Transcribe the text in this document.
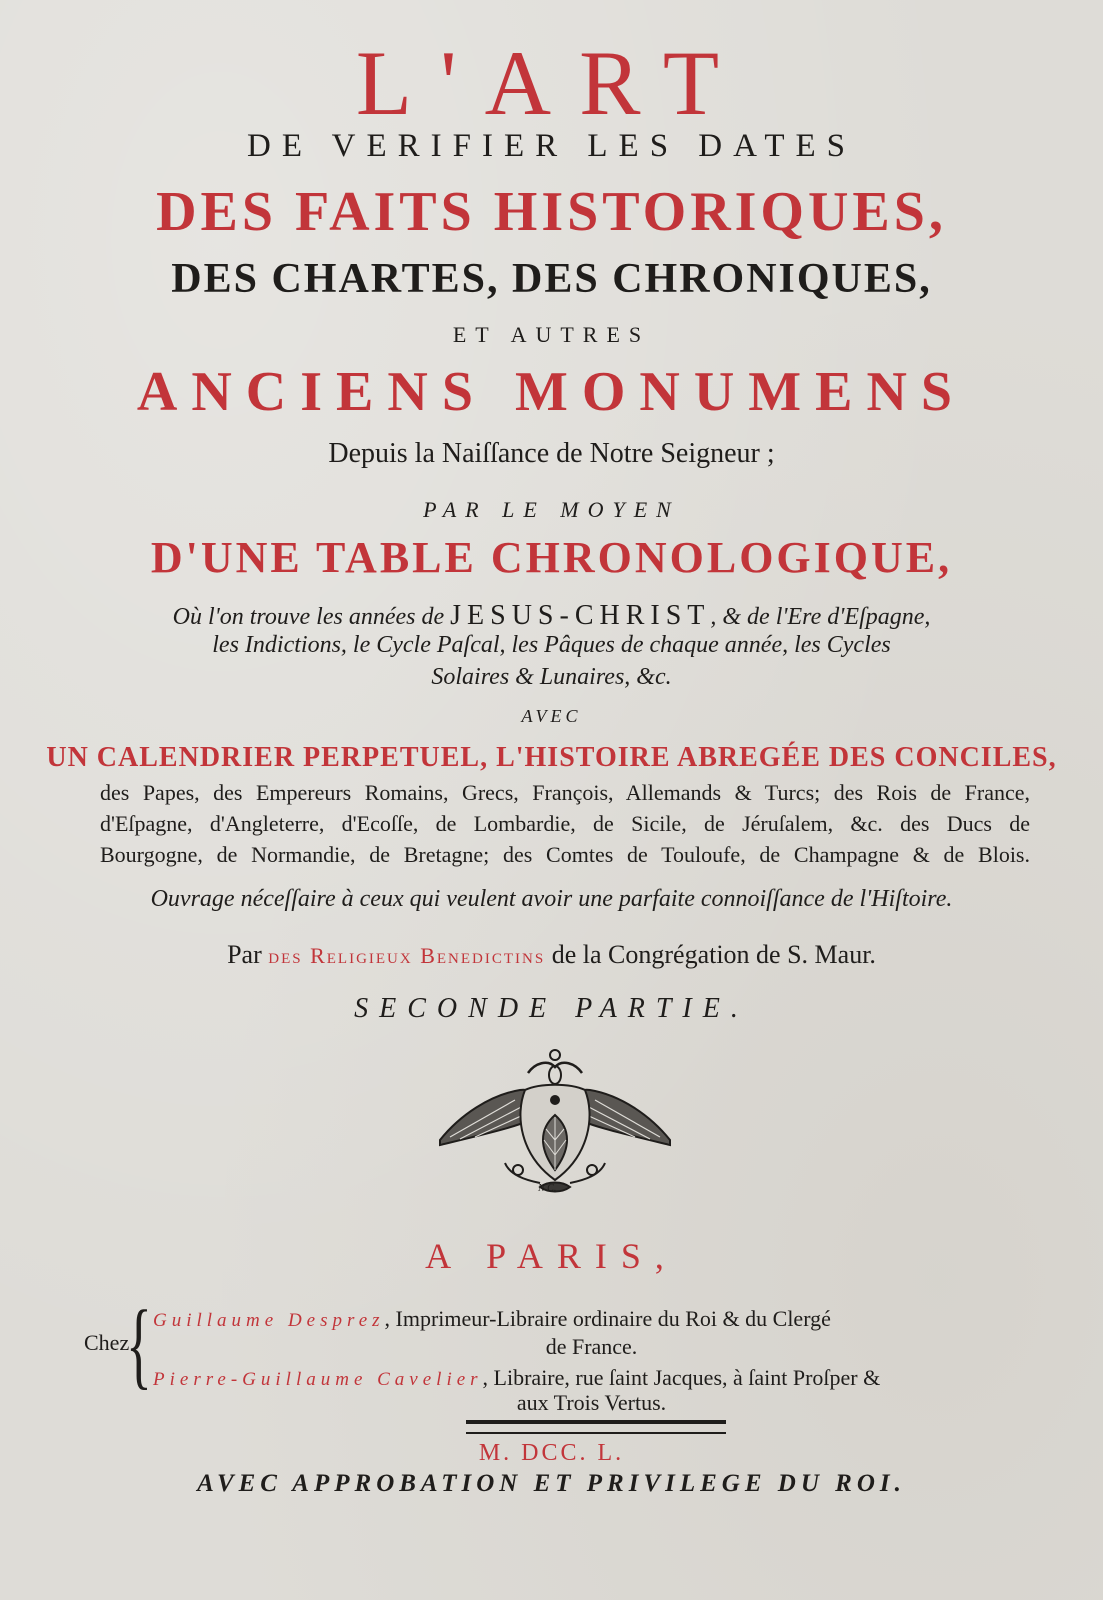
L'ART
DE VERIFIER LES DATES
DES FAITS HISTORIQUES,
DES CHARTES, DES CHRONIQUES,
ET AUTRES
ANCIENS MONUMENS
Depuis la Naiſſance de Notre Seigneur ;
PAR LE MOYEN
D'UNE TABLE CHRONOLOGIQUE,
Où l'on trouve les années de JESUS-CHRIST, & de l'Ere d'Eſpagne,
les Indictions, le Cycle Paſcal, les Pâques de chaque année, les Cycles
Solaires & Lunaires, &c.
AVEC
UN CALENDRIER PERPETUEL, L'HISTOIRE ABREGÉE DES CONCILES,
des Papes, des Empereurs Romains, Grecs, François, Allemands & Turcs; des Rois de France,
d'Eſpagne, d'Angleterre, d'Ecoſſe, de Lombardie, de Sicile, de Jéruſalem, &c. des Ducs de
Bourgogne, de Normandie, de Bretagne; des Comtes de Touloufe, de Champagne & de Blois.
Ouvrage néceſſaire à ceux qui veulent avoir une parfaite connoiſſance de l'Hiſtoire.
Par des Religieux Benedictins de la Congrégation de S. Maur.
SECONDE PARTIE.
N C.
A PARIS,
Chez
{ Guillaume Desprez, Imprimeur-Libraire ordinaire du Roi & du Clergé
de France.
Pierre-Guillaume Cavelier, Libraire, rue ſaint Jacques, à ſaint Proſper &
aux Trois Vertus.
M. DCC. L.
AVEC APPROBATION ET PRIVILEGE DU ROI.
